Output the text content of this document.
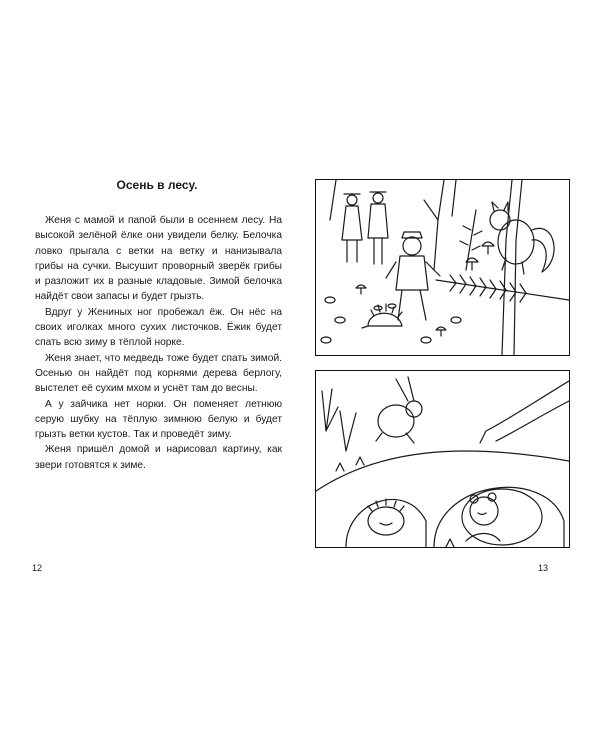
Осень в лесу.

Женя с мамой и папой были в осеннем лесу. На высокой зелёной ёлке они увидели белку. Белочка ловко прыгала с ветки на ветку и нанизывала грибы на сучки. Высушит проворный зверёк грибы и разложит их в разные кладовые. Зимой белочка найдёт свои запасы и будет грызть.

Вдруг у Жениных ног пробежал ёж. Он нёс на своих иголках много сухих листочков. Ёжик будет спать всю зиму в тёплой норке.

Женя знает, что медведь тоже будет спать зимой. Осенью он найдёт под корнями дерева берлогу, выстелет её сухим мхом и уснёт там до весны.

А у зайчика нет норки. Он поменяет летнюю серую шубку на тёплую зимнюю белую и будет грызть ветки кустов. Так и проведёт зиму.

Женя пришёл домой и нарисовал картину, как звери готовятся к зиме.

12	13
